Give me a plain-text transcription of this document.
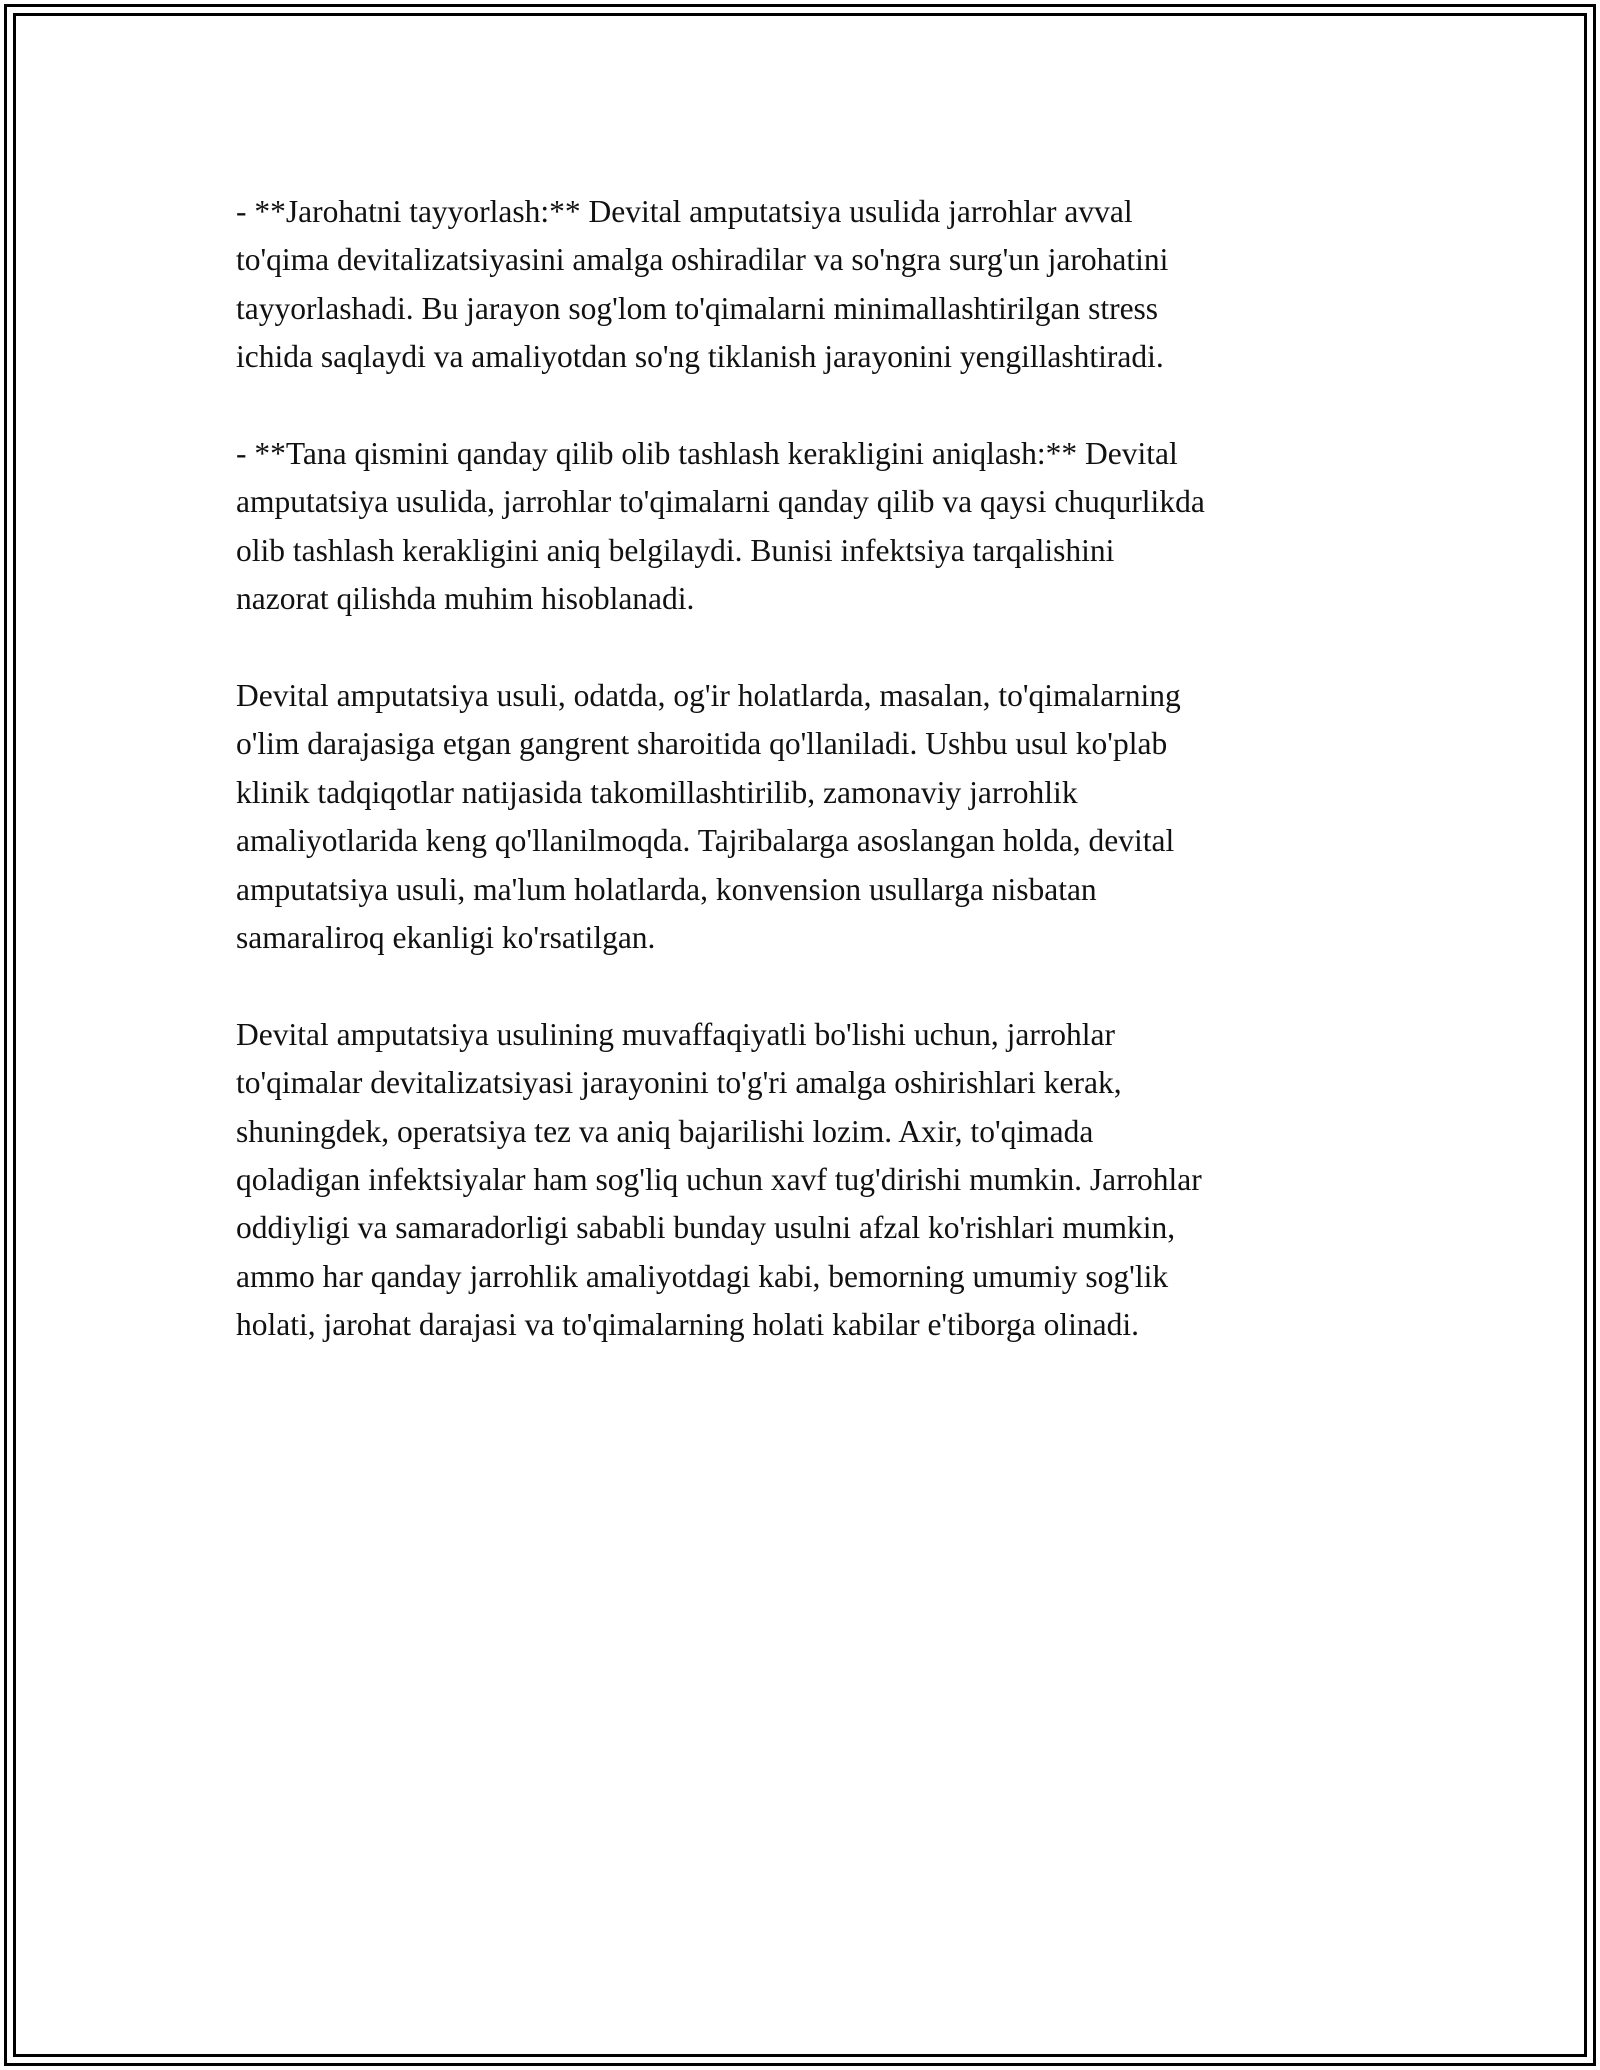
- **Jarohatni tayyorlash:** Devital amputatsiya usulida jarrohlar avval
to'qima devitalizatsiyasini amalga oshiradilar va so'ngra surg'un jarohatini
tayyorlashadi. Bu jarayon sog'lom to'qimalarni minimallashtirilgan stress
ichida saqlaydi va amaliyotdan so'ng tiklanish jarayonini yengillashtiradi.

- **Tana qismini qanday qilib olib tashlash kerakligini aniqlash:** Devital
amputatsiya usulida, jarrohlar to'qimalarni qanday qilib va qaysi chuqurlikda
olib tashlash kerakligini aniq belgilaydi. Bunisi infektsiya tarqalishini
nazorat qilishda muhim hisoblanadi.

Devital amputatsiya usuli, odatda, og'ir holatlarda, masalan, to'qimalarning
o'lim darajasiga etgan gangrent sharoitida qo'llaniladi. Ushbu usul ko'plab
klinik tadqiqotlar natijasida takomillashtirilib, zamonaviy jarrohlik
amaliyotlarida keng qo'llanilmoqda. Tajribalarga asoslangan holda, devital
amputatsiya usuli, ma'lum holatlarda, konvension usullarga nisbatan
samaraliroq ekanligi ko'rsatilgan.

Devital amputatsiya usulining muvaffaqiyatli bo'lishi uchun, jarrohlar
to'qimalar devitalizatsiyasi jarayonini to'g'ri amalga oshirishlari kerak,
shuningdek, operatsiya tez va aniq bajarilishi lozim. Axir, to'qimada
qoladigan infektsiyalar ham sog'liq uchun xavf tug'dirishi mumkin. Jarrohlar
oddiyligi va samaradorligi sababli bunday usulni afzal ko'rishlari mumkin,
ammo har qanday jarrohlik amaliyotdagi kabi, bemorning umumiy sog'lik
holati, jarohat darajasi va to'qimalarning holati kabilar e'tiborga olinadi.
